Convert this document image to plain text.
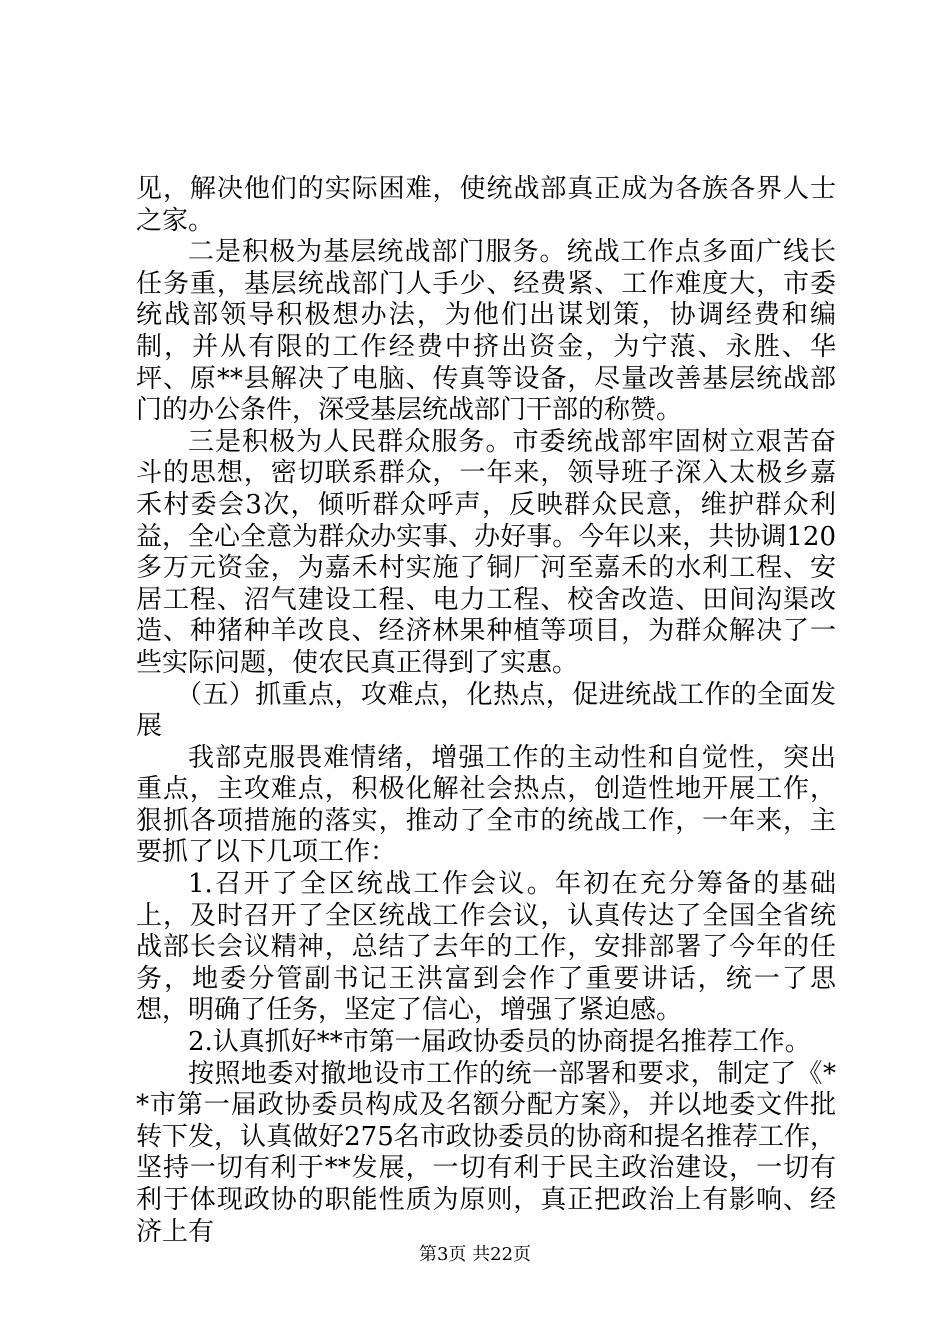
见，解决他们的实际困难，使统战部真正成为各族各界人士之家。

二是积极为基层统战部门服务。统战工作点多面广线长任务重，基层统战部门人手少、经费紧、工作难度大，市委统战部领导积极想办法，为他们出谋划策，协调经费和编制，并从有限的工作经费中挤出资金，为宁蒗、永胜、华坪、原**县解决了电脑、传真等设备，尽量改善基层统战部门的办公条件，深受基层统战部门干部的称赞。

三是积极为人民群众服务。市委统战部牢固树立艰苦奋斗的思想，密切联系群众，一年来，领导班子深入太极乡嘉禾村委会3次，倾听群众呼声，反映群众民意，维护群众利益，全心全意为群众办实事、办好事。今年以来，共协调120多万元资金，为嘉禾村实施了铜厂河至嘉禾的水利工程、安居工程、沼气建设工程、电力工程、校舍改造、田间沟渠改造、种猪种羊改良、经济林果种植等项目，为群众解决了一些实际问题，使农民真正得到了实惠。

（五）抓重点，攻难点，化热点，促进统战工作的全面发展

我部克服畏难情绪，增强工作的主动性和自觉性，突出重点，主攻难点，积极化解社会热点，创造性地开展工作，狠抓各项措施的落实，推动了全市的统战工作，一年来，主要抓了以下几项工作：

1.召开了全区统战工作会议。年初在充分筹备的基础上，及时召开了全区统战工作会议，认真传达了全国全省统战部长会议精神，总结了去年的工作，安排部署了今年的任务，地委分管副书记王洪富到会作了重要讲话，统一了思想，明确了任务，坚定了信心，增强了紧迫感。

2.认真抓好**市第一届政协委员的协商提名推荐工作。

按照地委对撤地设市工作的统一部署和要求，制定了《**市第一届政协委员构成及名额分配方案》，并以地委文件批转下发，认真做好275名市政协委员的协商和提名推荐工作，坚持一切有利于**发展，一切有利于民主政治建设，一切有利于体现政协的职能性质为原则，真正把政治上有影响、经济上有

第3页 共22页
